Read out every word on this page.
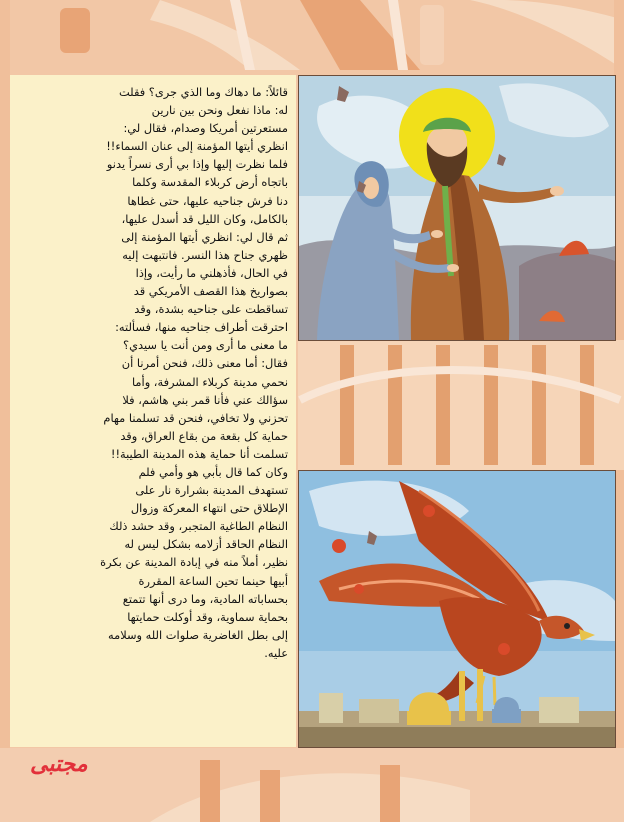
قائلاً: ما دهاك وما الذي جرى؟ فقلت

له: ماذا نفعل ونحن بين نارين

مستعرتين أمريكا وصدام، فقال لي:

انظري أيتها المؤمنة إلى عنان السماء!!

فلما نظرت إليها وإذا بي أرى نسراً يدنو

باتجاه أرض كربلاء المقدسة وكلما

دنا فرش جناحيه عليها، حتى غطاها

بالكامل، وكان الليل قد أسدل عليها،

ثم قال لي: انظري أيتها المؤمنة إلى

ظهري جناح هذا النسر. فانتبهت إليه

في الحال، فأذهلني ما رأيت، وإذا

بصواريخ هذا القصف الأمريكي قد

تساقطت على جناحيه بشدة، وقد

احترقت أطراف جناحيه منها، فسألته:

ما معنى ما أرى ومن أنت يا سيدي؟

فقال: أما معنى ذلك، فنحن أمرنا أن

نحمي مدينة كربلاء المشرفة، وأما

سؤالك عني فأنا قمر بني هاشم، فلا

تحزني ولا تخافي، فنحن قد تسلمنا مهام

حماية كل بقعة من بقاع العراق، وقد

تسلمت أنا حماية هذه المدينة الطيبة!!

وكان كما قال بأبي هو وأمي فلم

تستهدف المدينة بشرارة نار على

الإطلاق حتى انتهاء المعركة وزوال

النظام الطاغية المتجبر، وقد حشد ذلك

النظام الحاقد أزلامه بشكل ليس له

نظير، أملاً منه في إبادة المدينة عن بكرة

أبيها حينما تحين الساعة المقررة

بحساباته المادية، وما درى أنها تتمتع

بحماية سماوية، وقد أوكلت حمايتها

إلى بطل الغاضرية صلوات الله وسلامه

عليه.

مجتبى
